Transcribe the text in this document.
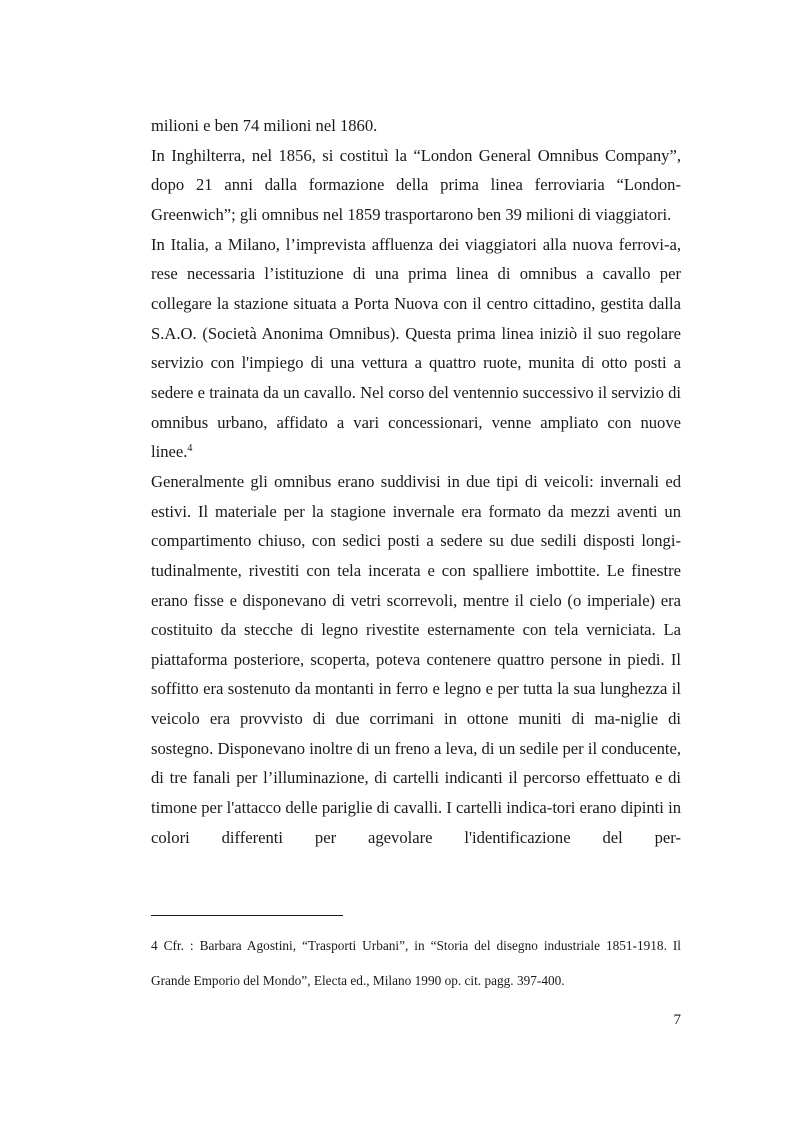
milioni e ben 74 milioni nel 1860.

In Inghilterra, nel 1856, si costituì la “London General Omnibus Company”, dopo 21 anni dalla formazione della prima linea ferroviaria “London-Greenwich”; gli omnibus nel 1859 trasportarono ben 39 milioni di viaggiatori.

In Italia, a Milano, l’imprevista affluenza dei viaggiatori alla nuova ferrovi-a, rese necessaria l’istituzione di una prima linea di omnibus a cavallo per collegare la stazione situata a Porta Nuova con il centro cittadino, gestita dalla S.A.O. (Società Anonima Omnibus). Questa prima linea iniziò il suo regolare servizio con l'impiego di una vettura a quattro ruote, munita di otto posti a sedere e trainata da un cavallo. Nel corso del ventennio successivo il servizio di omnibus urbano, affidato a vari concessionari, venne ampliato con nuove linee.$^4$

Generalmente gli omnibus erano suddivisi in due tipi di veicoli: invernali ed estivi. Il materiale per la stagione invernale era formato da mezzi aventi un compartimento chiuso, con sedici posti a sedere su due sedili disposti longi-tudinalmente, rivestiti con tela incerata e con spalliere imbottite. Le finestre erano fisse e disponevano di vetri scorrevoli, mentre il cielo (o imperiale) era costituito da stecche di legno rivestite esternamente con tela verniciata. La piattaforma posteriore, scoperta, poteva contenere quattro persone in piedi. Il soffitto era sostenuto da montanti in ferro e legno e per tutta la sua lunghezza il veicolo era provvisto di due corrimani in ottone muniti di ma-niglie di sostegno. Disponevano inoltre di un freno a leva, di un sedile per il conducente, di tre fanali per l’illuminazione, di cartelli indicanti il percorso effettuato e di timone per l'attacco delle pariglie di cavalli. I cartelli indica-tori erano dipinti in colori differenti per agevolare l'identificazione del per-

4 Cfr. : Barbara Agostini, “Trasporti Urbani”, in “Storia del disegno industriale 1851-1918. Il Grande Emporio del Mondo”, Electa ed., Milano 1990 op. cit. pagg. 397-400.
7
